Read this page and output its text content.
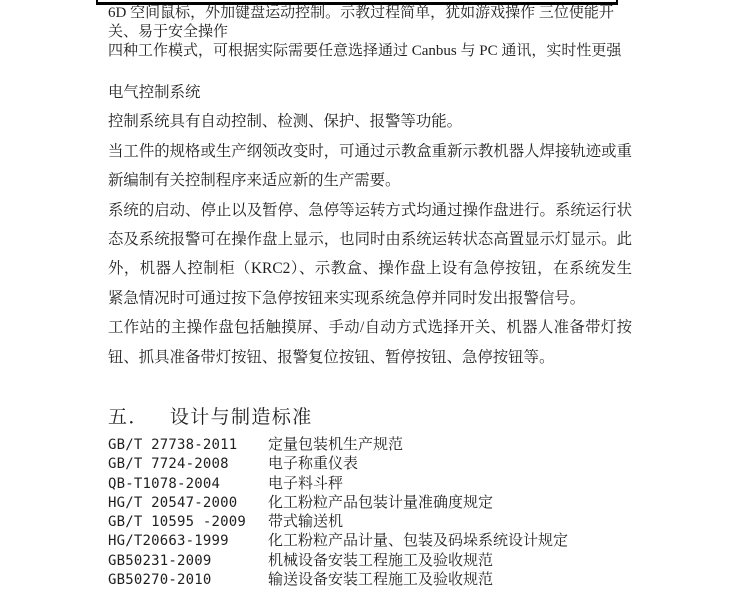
6D 空间鼠标，外加键盘运动控制。示教过程简单，犹如游戏操作 三位使能开
关、易于安全操作
四种工作模式，可根据实际需要任意选择通过 Canbus 与 PC 通讯，实时性更强

电气控制系统

控制系统具有自动控制、检测、保护、报警等功能。

当工件的规格或生产纲领改变时，可通过示教盒重新示教机器人焊接轨迹或重新编制有关控制程序来适应新的生产需要。

系统的启动、停止以及暂停、急停等运转方式均通过操作盘进行。系统运行状态及系统报警可在操作盘上显示，也同时由系统运转状态高置显示灯显示。此外，机器人控制柜（KRC2）、示教盒、操作盘上设有急停按钮，在系统发生紧急情况时可通过按下急停按钮来实现系统急停并同时发出报警信号。

工作站的主操作盘包括触摸屏、手动/自动方式选择开关、机器人准备带灯按钮、抓具准备带灯按钮、报警复位按钮、暂停按钮、急停按钮等。

五． 设计与制造标准
GB/T 27738-2011	定量包装机生产规范
GB/T 7724-2008	电子称重仪表
QB-T1078-2004	电子料斗秤
HG/T 20547-2000	化工粉粒产品包装计量准确度规定
GB/T 10595 -2009	带式输送机
HG/T20663-1999	化工粉粒产品计量、包装及码垛系统设计规定
GB50231-2009	机械设备安装工程施工及验收规范
GB50270-2010	输送设备安装工程施工及验收规范
